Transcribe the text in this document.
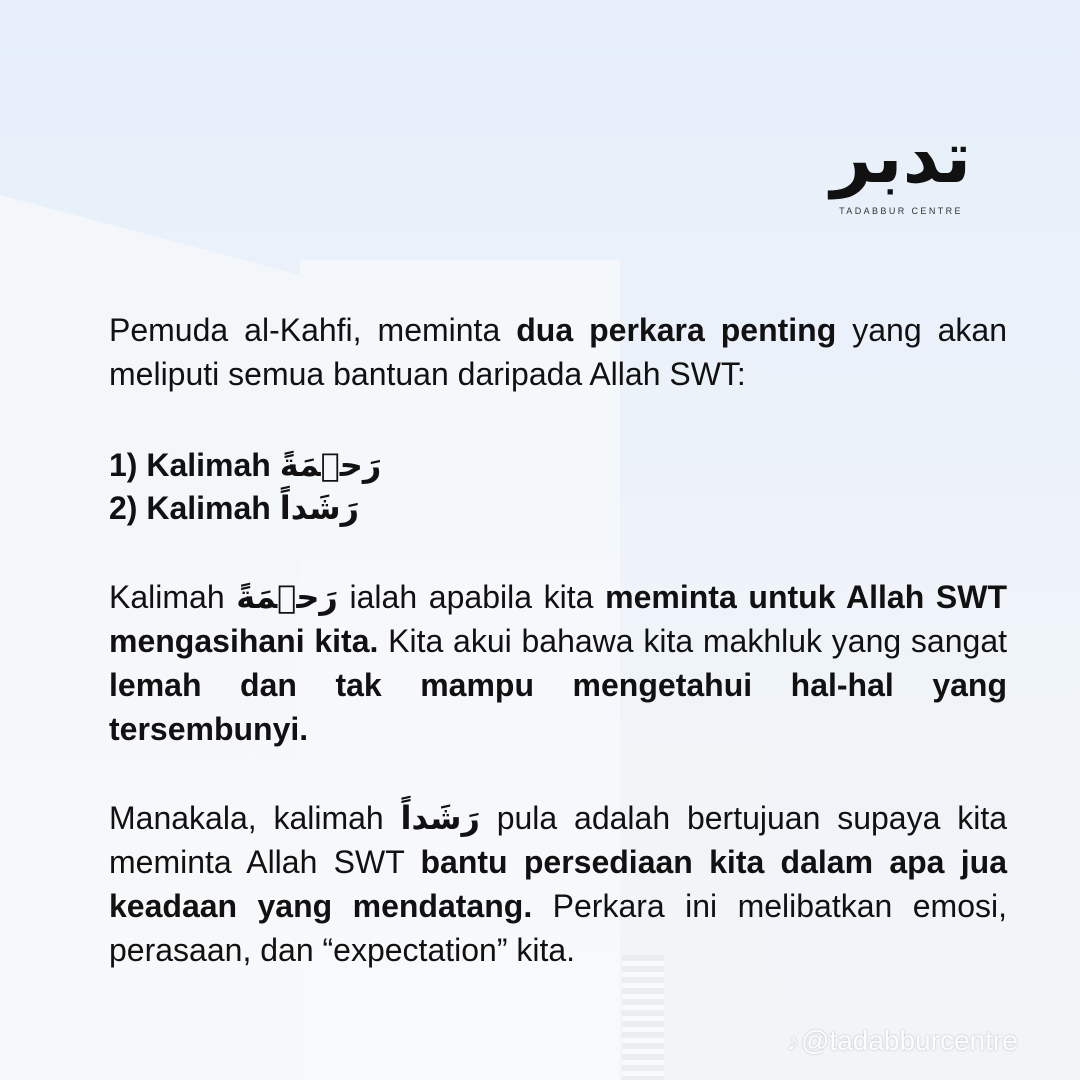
تدبر
TADABBUR CENTRE

Pemuda al-Kahfi, meminta dua perkara penting yang akan meliputi semua bantuan daripada Allah SWT:

1) Kalimah رَحۡمَةً
2) Kalimah رَشَداً

Kalimah رَحۡمَةً ialah apabila kita meminta untuk Allah SWT mengasihani kita. Kita akui bahawa kita makhluk yang sangat lemah dan tak mampu mengetahui hal-hal yang tersembunyi.

Manakala, kalimah رَشَداً pula adalah bertujuan supaya kita meminta Allah SWT bantu persediaan kita dalam apa jua keadaan yang mendatang. Perkara ini melibatkan emosi, perasaan, dan “expectation” kita.

♪@tadabburcentre
